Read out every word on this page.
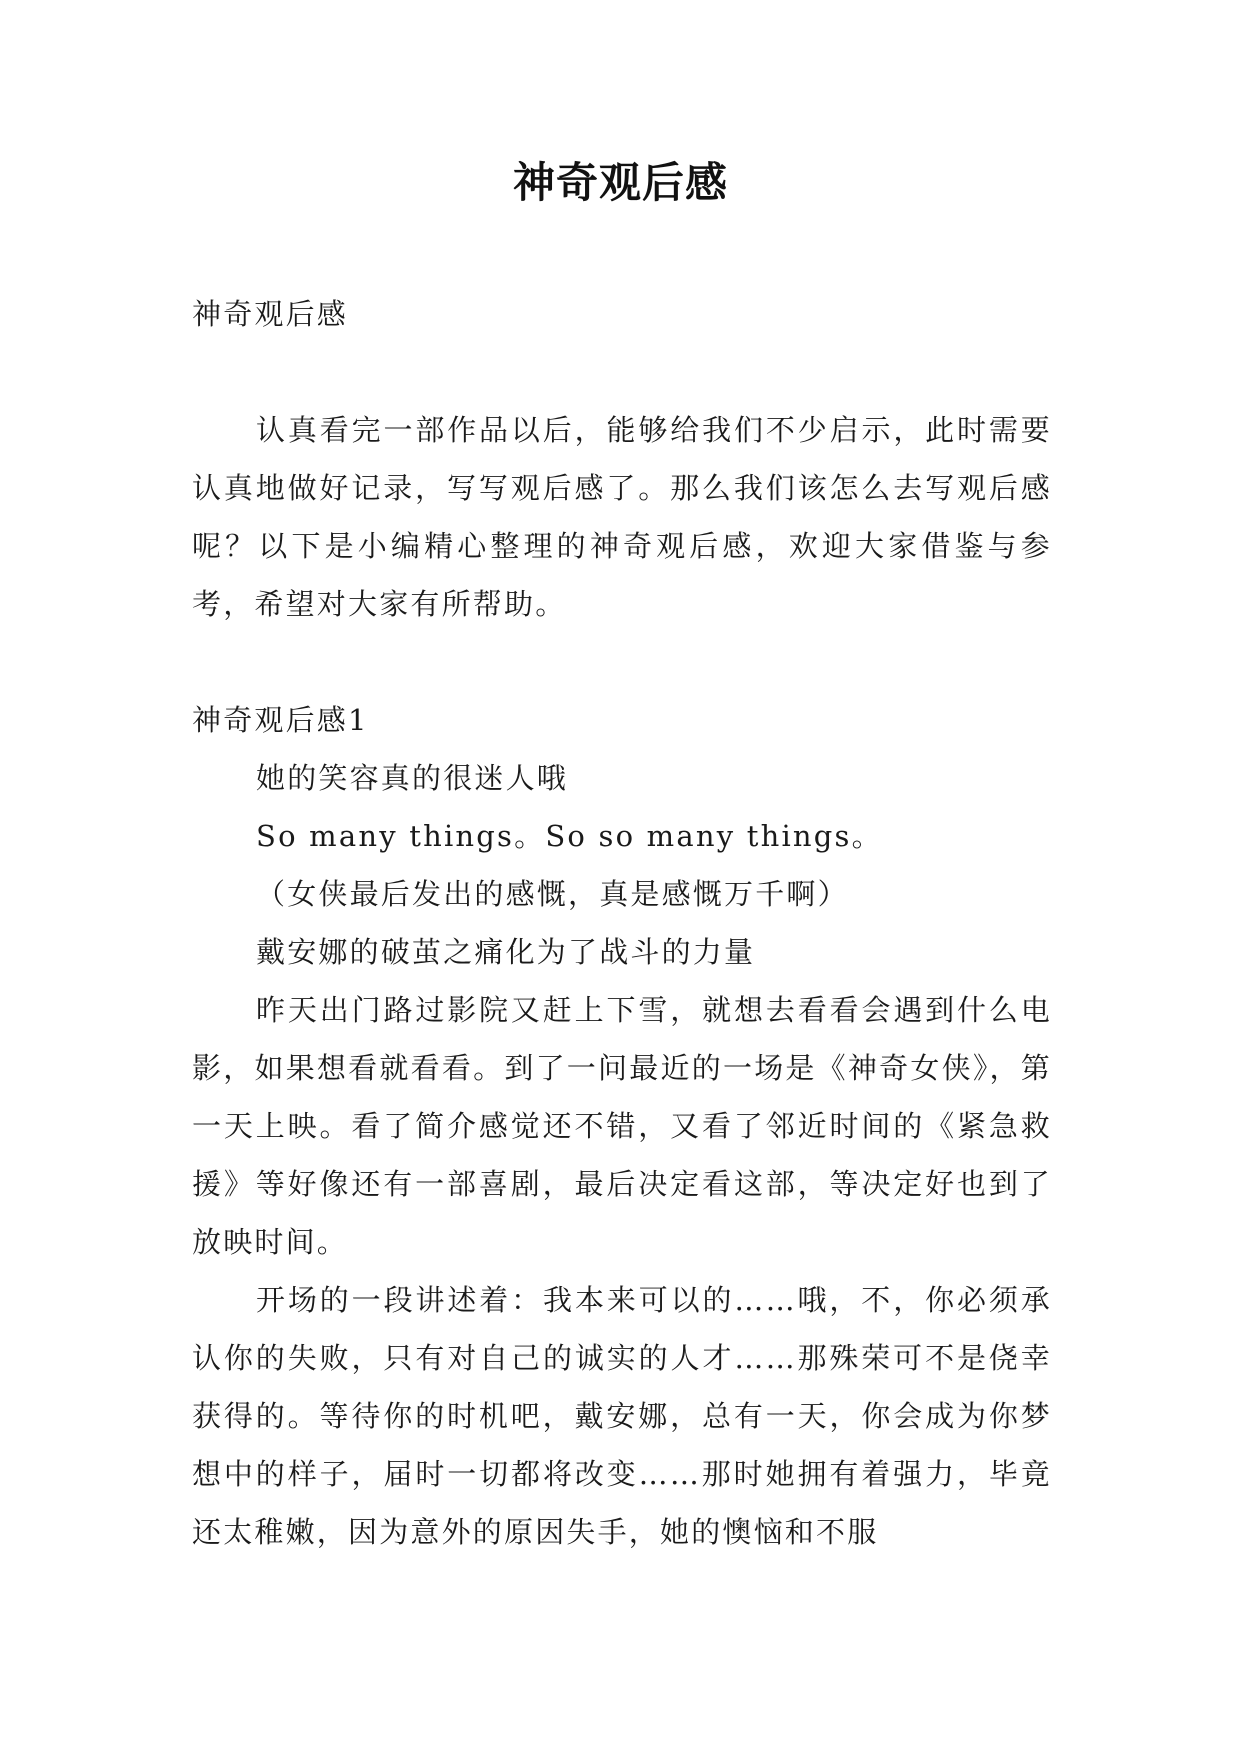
神奇观后感

神奇观后感

认真看完一部作品以后，能够给我们不少启示，此时需要认真地做好记录，写写观后感了。那么我们该怎么去写观后感呢？以下是小编精心整理的神奇观后感，欢迎大家借鉴与参考，希望对大家有所帮助。

神奇观后感1

她的笑容真的很迷人哦

So many things。So so many things。

（女侠最后发出的感慨，真是感慨万千啊）

戴安娜的破茧之痛化为了战斗的力量

昨天出门路过影院又赶上下雪，就想去看看会遇到什么电影，如果想看就看看。到了一问最近的一场是《神奇女侠》，第一天上映。看了简介感觉还不错，又看了邻近时间的《紧急救援》等好像还有一部喜剧，最后决定看这部，等决定好也到了放映时间。

开场的一段讲述着：我本来可以的……哦，不，你必须承认你的失败，只有对自己的诚实的人才……那殊荣可不是侥幸获得的。等待你的时机吧，戴安娜，总有一天，你会成为你梦想中的样子，届时一切都将改变……那时她拥有着强力，毕竟还太稚嫩，因为意外的原因失手，她的懊恼和不服
